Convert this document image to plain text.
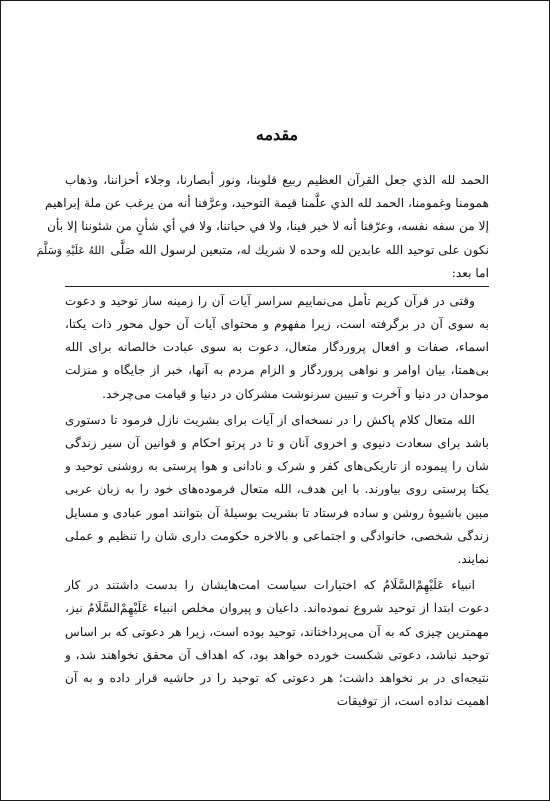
مقدمه
الحمد لله الذي جعل القرآن العظيم ربيع قلوبنا، ونور أبصارنا، وجلاء أحزاننا، وذهاب
همومنا وغمومنا، الحمد لله الذي علَّمنا قيمة التوحيد، وعرَّفنا أنه من يرغب عن ملة إبراهيم
إلا من سفه نفسه، وعرّفنا أنه لا خير فينا، ولا في حياتنا، ولا في أي شأنٍ من شئوننا إلا بأن
نكون على توحيد الله عابدين لله وحده لا شريك له، متبعين لرسول الله صَلَّىاللهُ عَلَيْهِ وَسَلَّمَ
اما بعد:

وقتی در قرآن کریم تأمل می‌نماییم سراسر آیات آن را زمینه ساز توحید و دعوت به سوی آن در برگرفته است، زیرا مفهوم و محتوای آیات آن حول محور ذات یکتا، اسماء، صفات و افعال پروردگار متعال، دعوت به سوی عبادت خالصانه برای الله بی‌همتا، بیان اوامر و نواهی پروردگار و الزام مردم به آنها، خبر از جایگاه و منزلت موحدان در دنیا و آخرت و تبیین سرنوشت مشرکان در دنیا و قیامت می‌چرخد.

الله متعال کلام پاکش را در نسخه‌ای از آیات برای بشریت نازل فرمود تا دستوری باشد برای سعادت دنیوی و اخروی آنان و تا در پرتو احکام و قوانین آن سیر زندگی شان را پیموده از تاریکی‌های کفر و شرک و نادانی و هوا پرستی به روشنی توحید و یکتا پرستی روی بیاورند. با این هدف، الله متعال فرموده‌های خود را به زبان عربی مبین باشیوهٔ روشن و ساده فرستاد تا بشریت بوسیلهٔ آن بتوانند امور عبادی و مسایل زندگی شخصی، خانوادگی و اجتماعی و بالاخره حکومت داری شان را تنظیم و عملی نمایند.

انبیاء عَلَيْهِمْ‌السَّلَامُ که اختیارات سیاست امت‌هایشان را بدست داشتند در کار دعوت ابتدا از توحید شروع نموده‌اند. داعیان و پیروان مخلص انبیاء عَلَيْهِمْ‌السَّلَامُ نیز، مهمترین چیزی که به آن می‌پرداختاند، توحید بوده است، زیرا هر دعوتی که بر اساس توحید نباشد، دعوتی شکست خورده خواهد بود، که اهداف آن محقق نخواهند شد، و نتیجه‌ای در بر نخواهد داشت؛ هر دعوتی که توحید را در حاشیه قرار داده و به آن اهمیت نداده است، از توفیقات
